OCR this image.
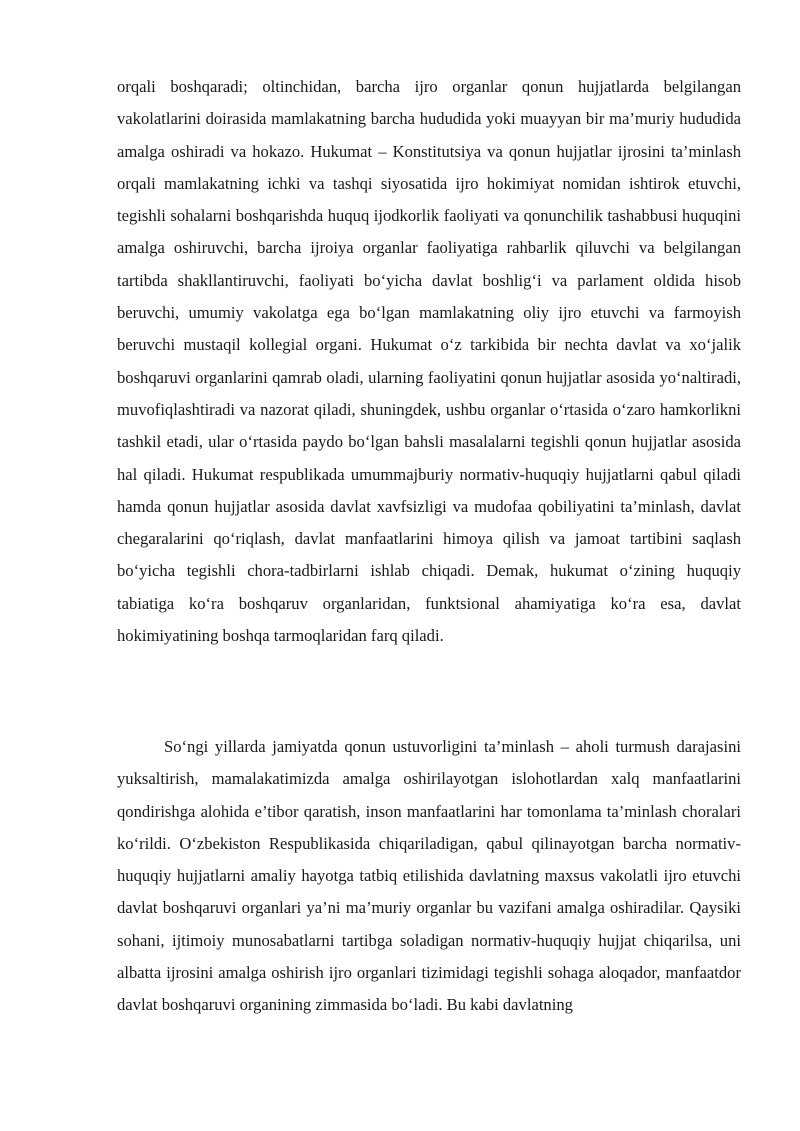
orqali boshqaradi; oltinchidan, barcha ijro organlar qonun hujjatlarda belgilangan vakolatlarini doirasida mamlakatning barcha hududida yoki muayyan bir ma’muriy hududida amalga oshiradi va hokazo. Hukumat – Konstitutsiya va qonun hujjatlar ijrosini ta’minlash orqali mamlakatning ichki va tashqi siyosatida ijro hokimiyat nomidan ishtirok etuvchi, tegishli sohalarni boshqarishda huquq ijodkorlik faoliyati va qonunchilik tashabbusi huquqini amalga oshiruvchi, barcha ijroiya organlar faoliyatiga rahbarlik qiluvchi va belgilangan tartibda shakllantiruvchi, faoliyati bo‘yicha davlat boshlig‘i va parlament oldida hisob beruvchi, umumiy vakolatga ega bo‘lgan mamlakatning oliy ijro etuvchi va farmoyish beruvchi mustaqil kollegial organi. Hukumat o‘z tarkibida bir nechta davlat va xo‘jalik boshqaruvi organlarini qamrab oladi, ularning faoliyatini qonun hujjatlar asosida yo‘naltiradi, muvofiqlashtiradi va nazorat qiladi, shuningdek, ushbu organlar o‘rtasida o‘zaro hamkorlikni tashkil etadi, ular o‘rtasida paydo bo‘lgan bahsli masalalarni tegishli qonun hujjatlar asosida hal qiladi. Hukumat respublikada umummajburiy normativ-huquqiy hujjatlarni qabul qiladi hamda qonun hujjatlar asosida davlat xavfsizligi va mudofaa qobiliyatini ta’minlash, davlat chegaralarini qo‘riqlash, davlat manfaatlarini himoya qilish va jamoat tartibini saqlash bo‘yicha tegishli chora-tadbirlarni ishlab chiqadi. Demak, hukumat o‘zining huquqiy tabiatiga ko‘ra boshqaruv organlaridan, funktsional ahamiyatiga ko‘ra esa, davlat hokimiyatining boshqa tarmoqlaridan farq qiladi.

So‘ngi yillarda jamiyatda qonun ustuvorligini ta’minlash – aholi turmush darajasini yuksaltirish, mamalakatimizda amalga oshirilayotgan islohotlardan xalq manfaatlarini qondirishga alohida e’tibor qaratish, inson manfaatlarini har tomonlama ta’minlash choralari ko‘rildi. O‘zbekiston Respublikasida chiqariladigan, qabul qilinayotgan barcha normativ-huquqiy hujjatlarni amaliy hayotga tatbiq etilishida davlatning maxsus vakolatli ijro etuvchi davlat boshqaruvi organlari ya’ni ma’muriy organlar bu vazifani amalga oshiradilar. Qaysiki sohani, ijtimoiy munosabatlarni tartibga soladigan normativ-huquqiy hujjat chiqarilsa, uni albatta ijrosini amalga oshirish ijro organlari tizimidagi tegishli sohaga aloqador, manfaatdor davlat boshqaruvi organining zimmasida bo‘ladi. Bu kabi davlatning
